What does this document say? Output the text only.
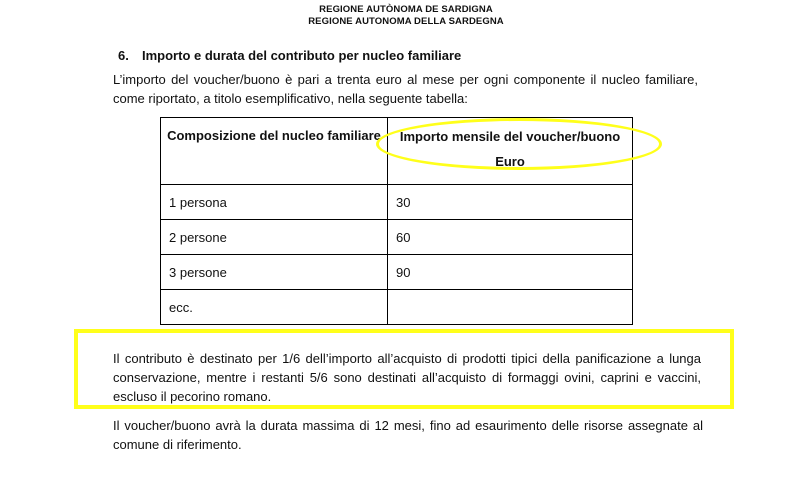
REGIONE AUTÒNOMA DE SARDIGNA
REGIONE AUTONOMA DELLA SARDEGNA
6. Importo e durata del contributo per nucleo familiare
L’importo del voucher/buono è pari a trenta euro al mese per ogni componente il nucleo familiare, come riportato, a titolo esemplificativo, nella seguente tabella:
Composizione del nucleo familiare	Importo mensile del voucher/buono
Euro

1 persona	30
2 persone	60
3 persone	90
ecc.	
Il contributo è destinato per 1/6 dell’importo all’acquisto di prodotti tipici della panificazione a lunga conservazione, mentre i restanti 5/6 sono destinati all’acquisto di formaggi ovini, caprini e vaccini, escluso il pecorino romano.
Il voucher/buono avrà la durata massima di 12 mesi, fino ad esaurimento delle risorse assegnate al comune di riferimento.
